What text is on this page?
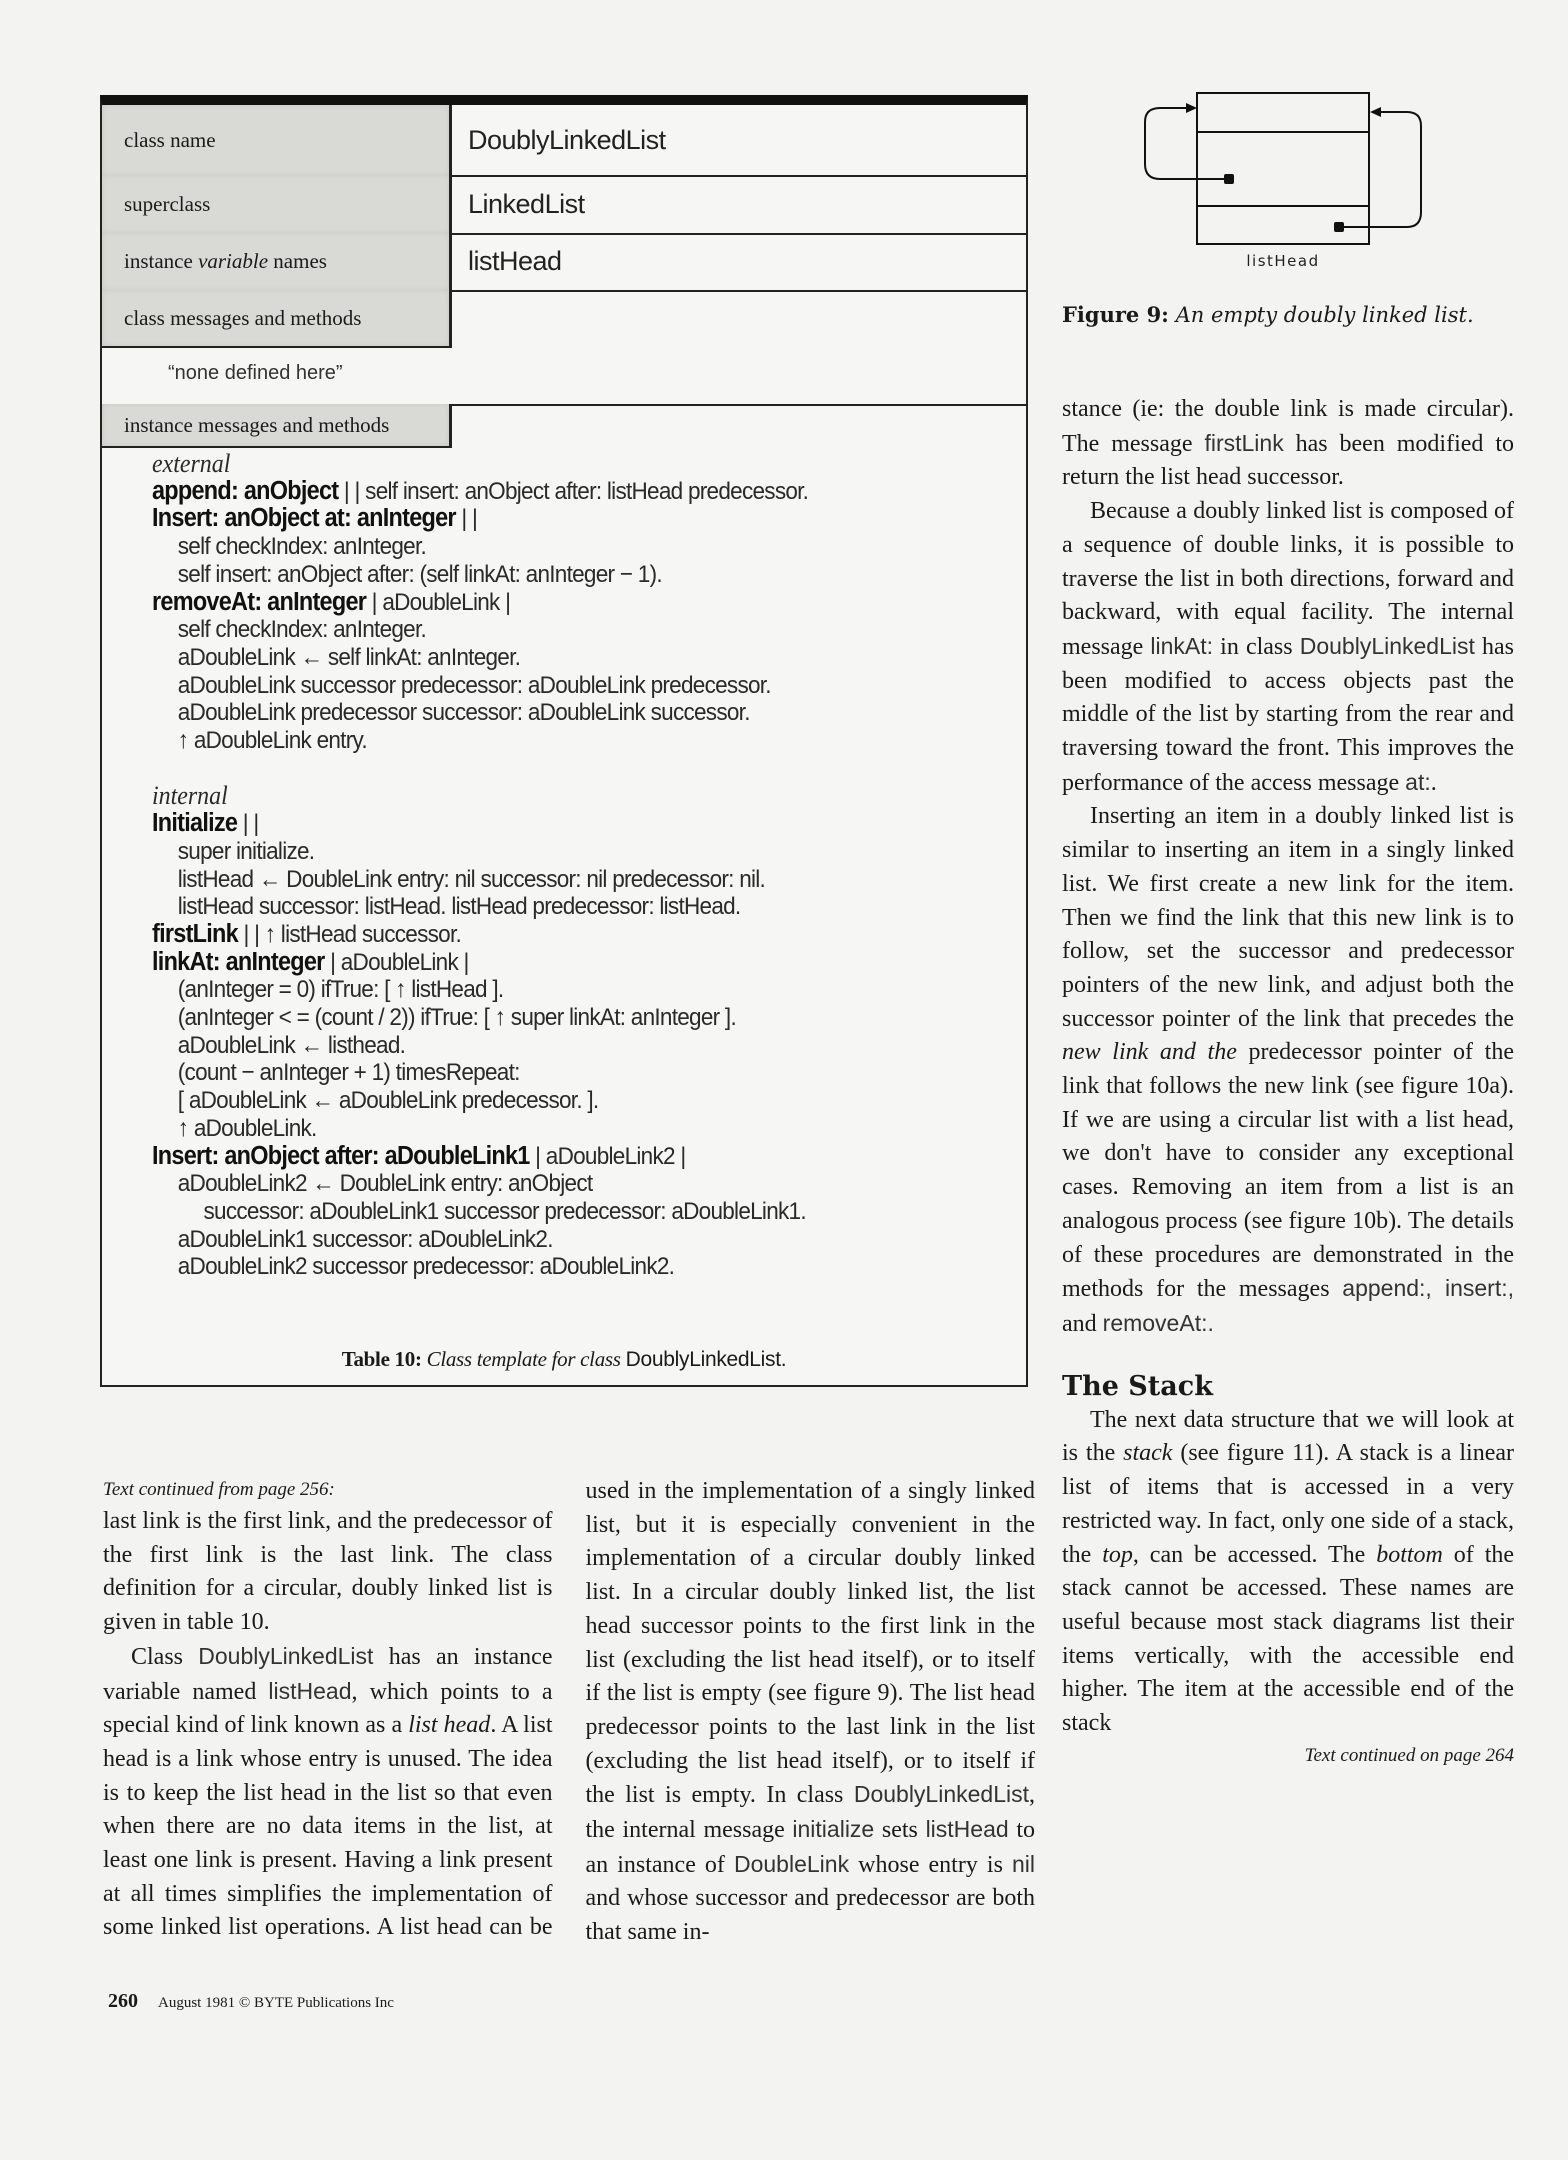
class name	DoublyLinkedList
superclass	LinkedList
instance variable names	listHead
class messages and methods
“none defined here”
instance messages and methods
external
append: anObject | | self insert: anObject after: listHead predecessor.
Insert: anObject at: anInteger | |
self checkIndex: anInteger.
self insert: anObject after: (self linkAt: anInteger − 1).
removeAt: anInteger | aDoubleLink |
self checkIndex: anInteger.
aDoubleLink ← self linkAt: anInteger.
aDoubleLink successor predecessor: aDoubleLink predecessor.
aDoubleLink predecessor successor: aDoubleLink successor.
↑ aDoubleLink entry.
internal
Initialize | |
super initialize.
listHead ← DoubleLink entry: nil successor: nil predecessor: nil.
listHead successor: listHead. listHead predecessor: listHead.
firstLink | | ↑ listHead successor.
linkAt: anInteger | aDoubleLink |
(anInteger = 0) ifTrue: [ ↑ listHead ].
(anInteger < = (count / 2)) ifTrue: [ ↑ super linkAt: anInteger ].
aDoubleLink ← listhead.
(count − anInteger + 1) timesRepeat:
[ aDoubleLink ← aDoubleLink predecessor. ].
↑ aDoubleLink.
Insert: anObject after: aDoubleLink1 | aDoubleLink2 |
aDoubleLink2 ← DoubleLink entry: anObject
successor: aDoubleLink1 successor predecessor: aDoubleLink1.
aDoubleLink1 successor: aDoubleLink2.
aDoubleLink2 successor predecessor: aDoubleLink2.
Table 10: Class template for class DoublyLinkedList.
listHead
Figure 9: An empty doubly linked list.

stance (ie: the double link is made circular). The message firstLink has been modified to return the list head successor.

Because a doubly linked list is composed of a sequence of double links, it is possible to traverse the list in both directions, forward and backward, with equal facility. The internal message linkAt: in class DoublyLinkedList has been modified to access objects past the middle of the list by starting from the rear and traversing toward the front. This improves the performance of the access message at:.

Inserting an item in a doubly linked list is similar to inserting an item in a singly linked list. We first create a new link for the item. Then we find the link that this new link is to follow, set the successor and predecessor pointers of the new link, and adjust both the successor pointer of the link that precedes the new link and the predecessor pointer of the link that follows the new link (see figure 10a). If we are using a circular list with a list head, we don't have to consider any exceptional cases. Removing an item from a list is an analogous process (see figure 10b). The details of these procedures are demonstrated in the methods for the messages append:, insert:, and removeAt:.

The Stack

The next data structure that we will look at is the stack (see figure 11). A stack is a linear list of items that is accessed in a very restricted way. In fact, only one side of a stack, the top, can be accessed. The bottom of the stack cannot be accessed. These names are useful because most stack diagrams list their items vertically, with the accessible end higher. The item at the accessible end of the stack

Text continued on page 264
Text continued from page 256:

last link is the first link, and the predecessor of the first link is the last link. The class definition for a circular, doubly linked list is given in table 10.

Class DoublyLinkedList has an instance variable named listHead, which points to a special kind of link known as a list head. A list head is a link whose entry is unused. The idea is to keep the list head in the list so that even when there are no data items in the list, at least one link is present. Having a link present at all times simplifies the implementation of some linked list operations. A list head can be used in the implementation of a singly linked list, but it is especially convenient in the implementation of a circular doubly linked list. In a circular doubly linked list, the list head successor points to the first link in the list (excluding the list head itself), or to itself if the list is empty (see figure 9). The list head predecessor points to the last link in the list (excluding the list head itself), or to itself if the list is empty. In class DoublyLinkedList, the internal message initialize sets listHead to an instance of DoubleLink whose entry is nil and whose successor and predecessor are both that same in-

260 August 1981 © BYTE Publications Inc
